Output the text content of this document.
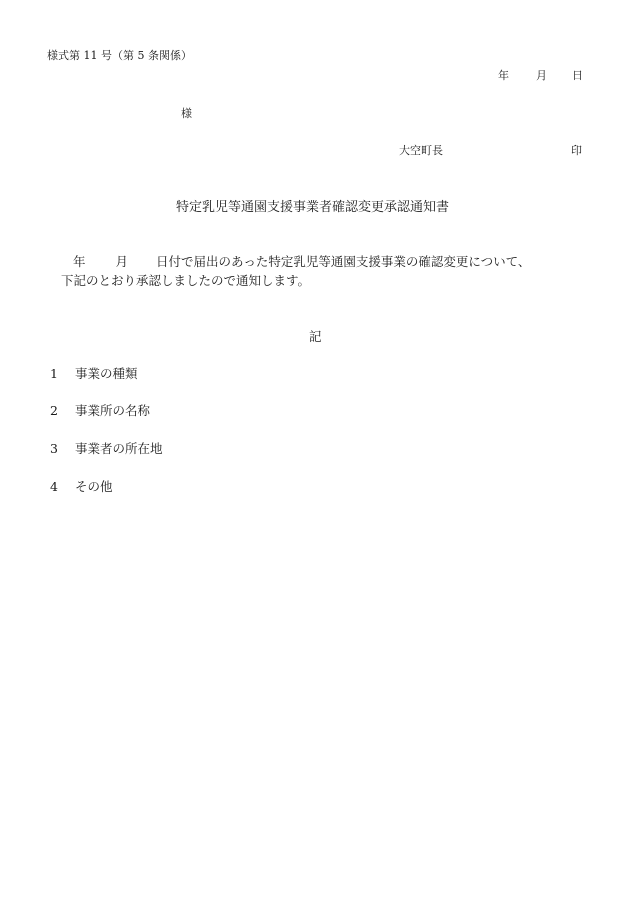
様式第 11 号（第 5 条関係）
年 月 日
様
大空町長	印
特定乳児等通園支援事業者確認変更承認通知書
年 月 日付で届出のあった特定乳児等通園支援事業の確認変更について、
下記のとおり承認しましたので通知します。
記
1 事業の種類
2 事業所の名称
3 事業者の所在地
4 その他
